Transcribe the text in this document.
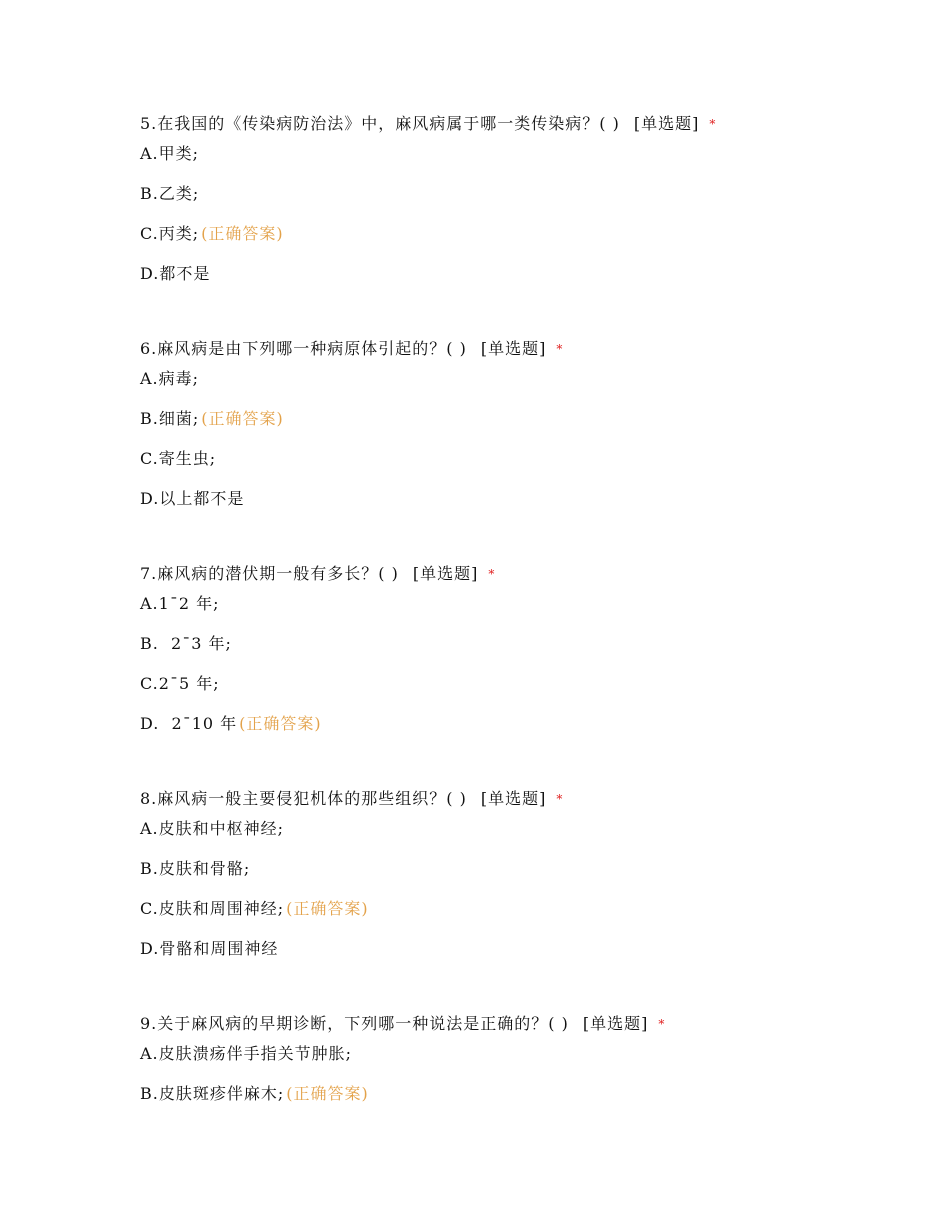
5.在我国的《传染病防治法》中，麻风病属于哪一类传染病？( ) [单选题] *
A.甲类;
B.乙类;
C.丙类; (正确答案)
D.都不是
6.麻风病是由下列哪一种病原体引起的？( ) [单选题] *
A.病毒;
B.细菌; (正确答案)
C.寄生虫;
D.以上都不是
7.麻风病的潜伏期一般有多长？( ) [单选题] *
A.1¯2 年;
B.  2¯3 年;
C.2¯5 年;
D.  2¯10 年 (正确答案)
8.麻风病一般主要侵犯机体的那些组织？( ) [单选题] *
A.皮肤和中枢神经;
B.皮肤和骨骼;
C.皮肤和周围神经; (正确答案)
D.骨骼和周围神经
9.关于麻风病的早期诊断，下列哪一种说法是正确的？( ) [单选题] *
A.皮肤溃疡伴手指关节肿胀;
B.皮肤斑疹伴麻木; (正确答案)
